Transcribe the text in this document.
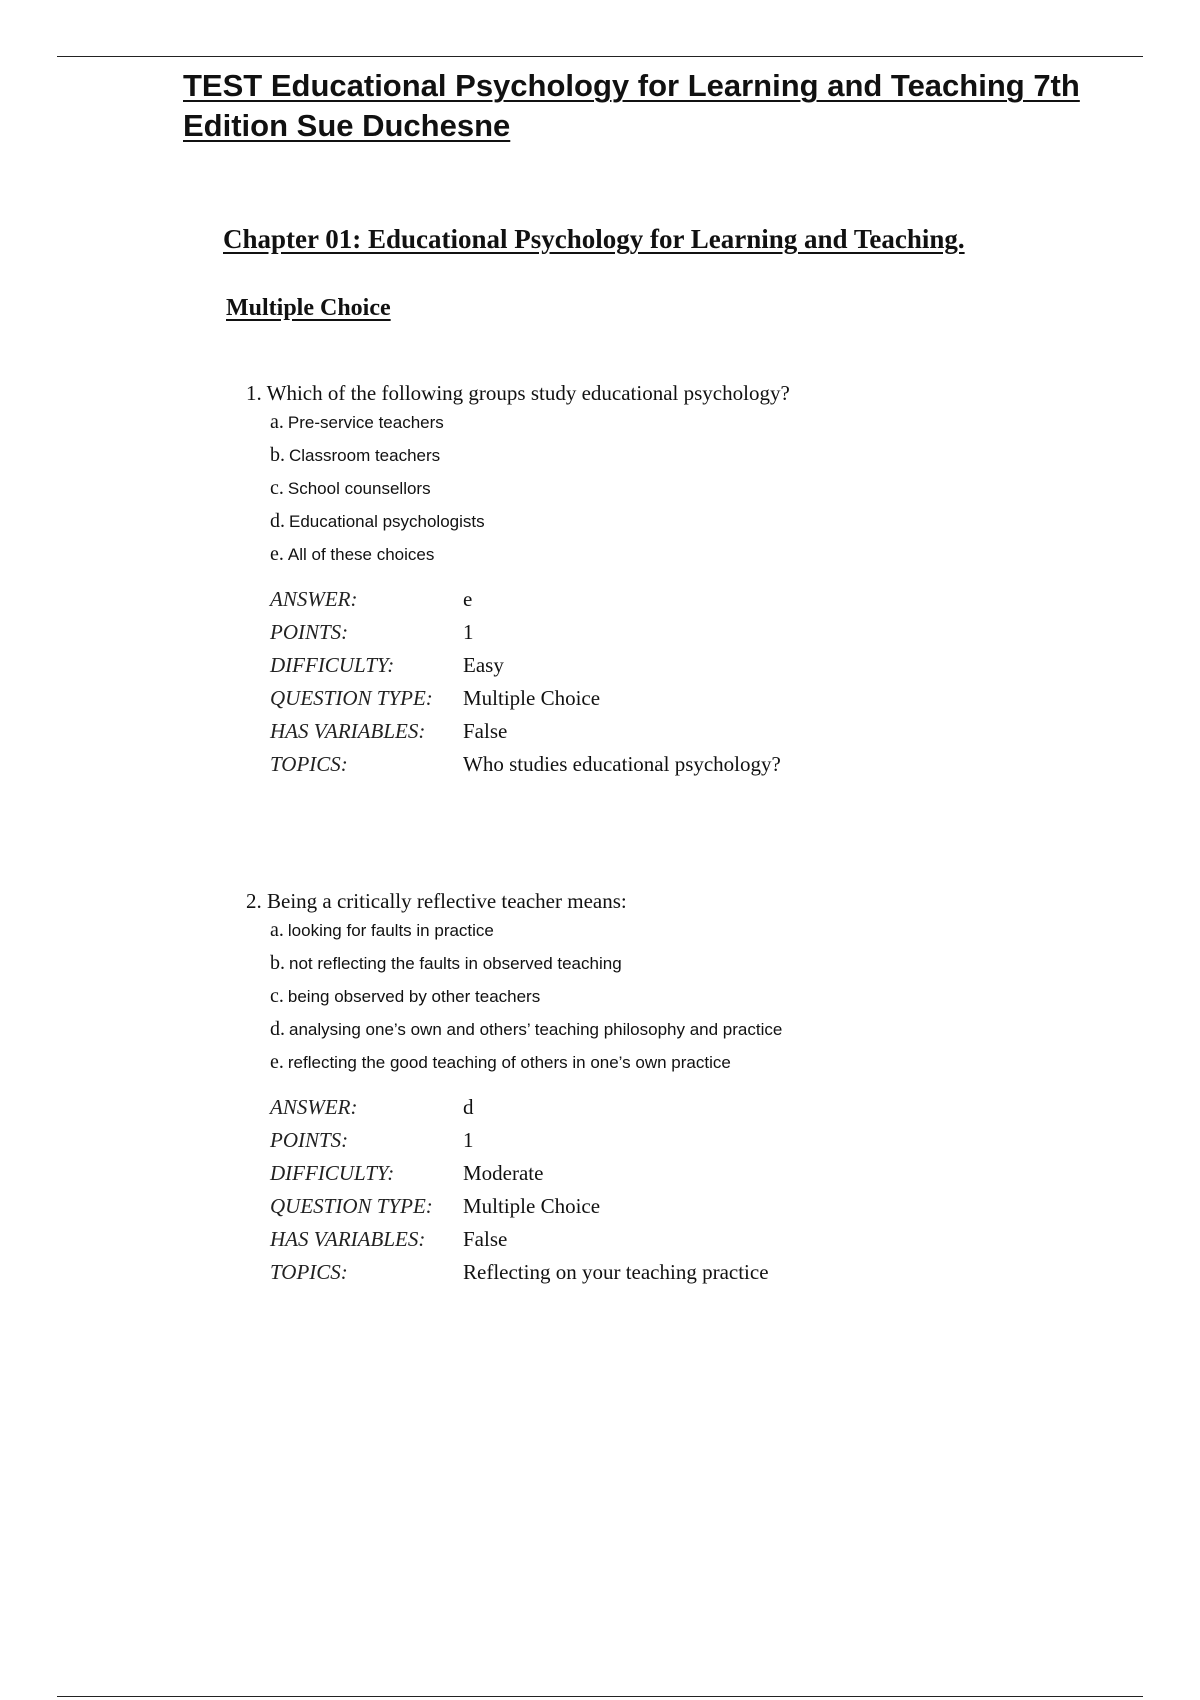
TEST Educational Psychology for Learning and Teaching 7th Edition Sue Duchesne
Chapter 01: Educational Psychology for Learning and Teaching.
Multiple Choice
1. Which of the following groups study educational psychology?
a. Pre-service teachers
b. Classroom teachers
c. School counsellors
d. Educational psychologists
e. All of these choices
ANSWER:	e
POINTS:	1
DIFFICULTY:	Easy
QUESTION TYPE:	Multiple Choice
HAS VARIABLES:	False
TOPICS:	Who studies educational psychology?
2. Being a critically reflective teacher means:
a. looking for faults in practice
b. not reflecting the faults in observed teaching
c. being observed by other teachers
d. analysing one’s own and others’ teaching philosophy and practice
e. reflecting the good teaching of others in one’s own practice
ANSWER:	d
POINTS:	1
DIFFICULTY:	Moderate
QUESTION TYPE:	Multiple Choice
HAS VARIABLES:	False
TOPICS:	Reflecting on your teaching practice
